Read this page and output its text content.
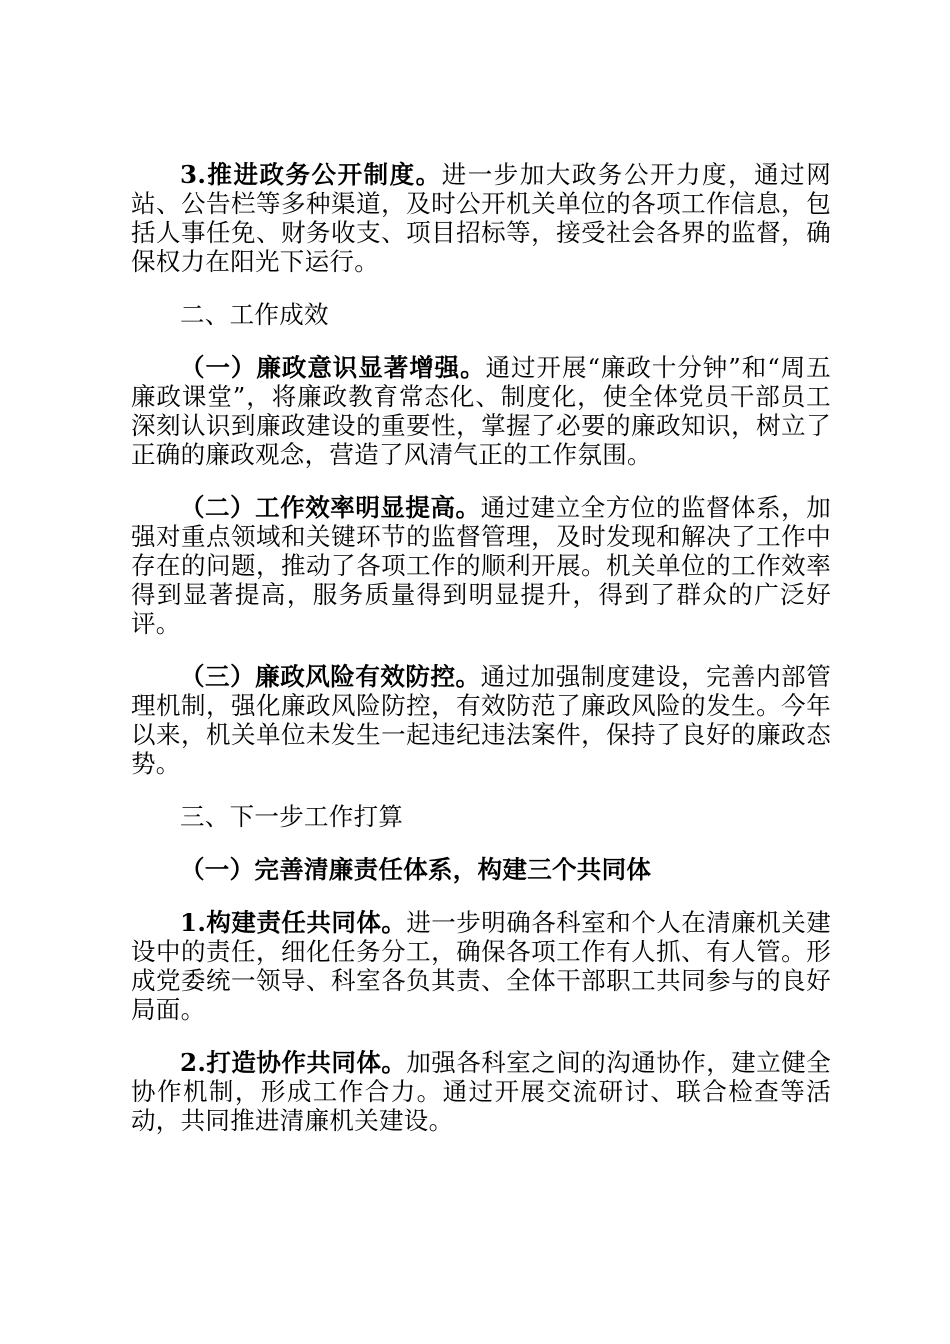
3.推进政务公开制度。进一步加大政务公开力度，通过网站、公告栏等多种渠道，及时公开机关单位的各项工作信息，包括人事任免、财务收支、项目招标等，接受社会各界的监督，确保权力在阳光下运行。

二、工作成效

（一）廉政意识显著增强。通过开展“廉政十分钟”和“周五廉政课堂”，将廉政教育常态化、制度化，使全体党员干部员工深刻认识到廉政建设的重要性，掌握了必要的廉政知识，树立了正确的廉政观念，营造了风清气正的工作氛围。

（二）工作效率明显提高。通过建立全方位的监督体系，加强对重点领域和关键环节的监督管理，及时发现和解决了工作中存在的问题，推动了各项工作的顺利开展。机关单位的工作效率得到显著提高，服务质量得到明显提升，得到了群众的广泛好评。

（三）廉政风险有效防控。通过加强制度建设，完善内部管理机制，强化廉政风险防控，有效防范了廉政风险的发生。今年以来，机关单位未发生一起违纪违法案件，保持了良好的廉政态势。

三、下一步工作打算

（一）完善清廉责任体系，构建三个共同体

1.构建责任共同体。进一步明确各科室和个人在清廉机关建设中的责任，细化任务分工，确保各项工作有人抓、有人管。形成党委统一领导、科室各负其责、全体干部职工共同参与的良好局面。

2.打造协作共同体。加强各科室之间的沟通协作，建立健全协作机制，形成工作合力。通过开展交流研讨、联合检查等活动，共同推进清廉机关建设。
